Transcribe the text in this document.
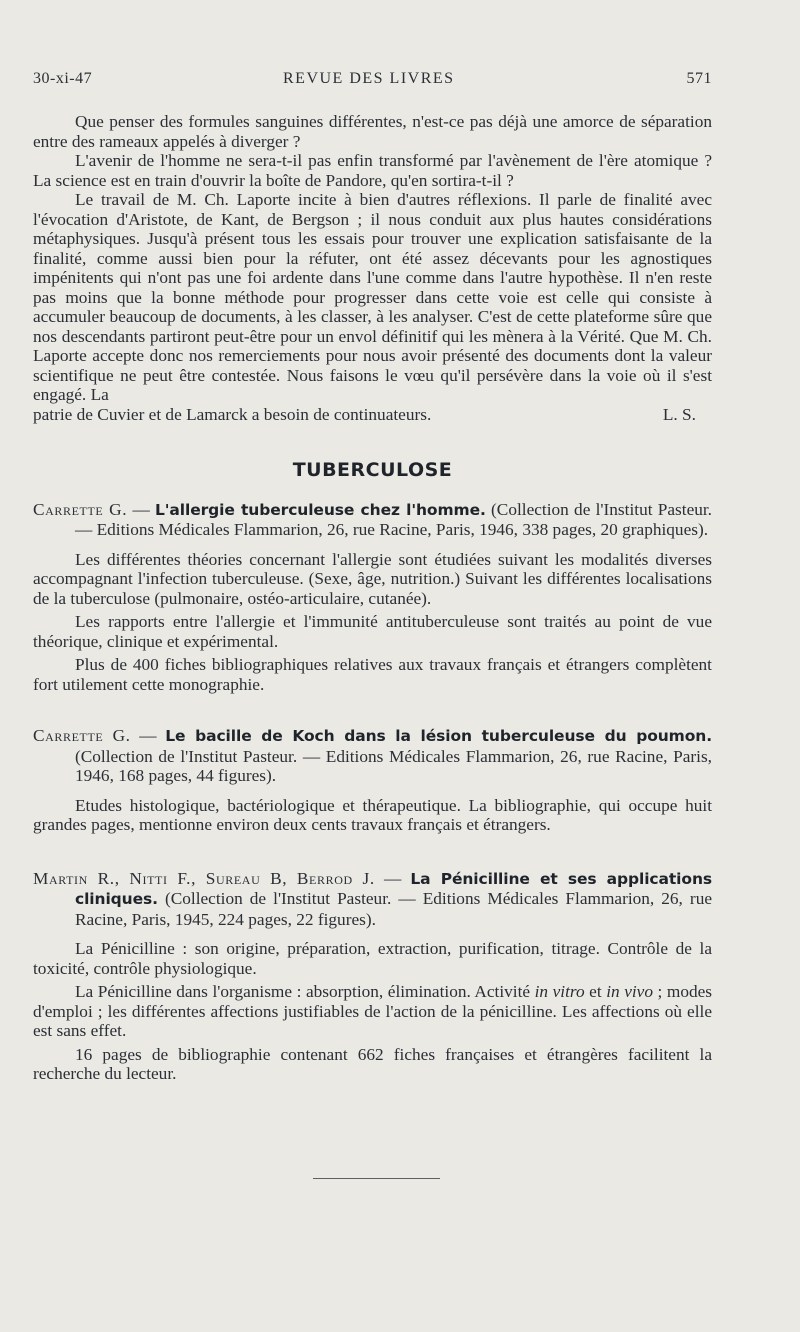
30-xi-47	REVUE DES LIVRES	571

Que penser des formules sanguines différentes, n'est-ce pas déjà une amorce de séparation entre des rameaux appelés à diverger ?

L'avenir de l'homme ne sera-t-il pas enfin transformé par l'avènement de l'ère atomique ? La science est en train d'ouvrir la boîte de Pandore, qu'en sortira-t-il ?

Le travail de M. Ch. Laporte incite à bien d'autres réflexions. Il parle de finalité avec l'évocation d'Aristote, de Kant, de Bergson ; il nous conduit aux plus hautes considérations métaphysiques. Jusqu'à présent tous les essais pour trouver une explication satisfaisante de la finalité, comme aussi bien pour la réfuter, ont été assez décevants pour les agnostiques impénitents qui n'ont pas une foi ardente dans l'une comme dans l'autre hypothèse. Il n'en reste pas moins que la bonne méthode pour progresser dans cette voie est celle qui consiste à accumuler beaucoup de documents, à les classer, à les analyser. C'est de cette plateforme sûre que nos descendants partiront peut-être pour un envol définitif qui les mènera à la Vérité. Que M. Ch. Laporte accepte donc nos remerciements pour nous avoir présenté des documents dont la valeur scientifique ne peut être contestée. Nous faisons le vœu qu'il persévère dans la voie où il s'est engagé. La

patrie de Cuvier et de Lamarck a besoin de continuateurs.	L. S.
TUBERCULOSE

Carrette G. — L'allergie tuberculeuse chez l'homme. (Collection de l'Institut Pasteur. — Editions Médicales Flammarion, 26, rue Racine, Paris, 1946, 338 pages, 20 graphiques).

Les différentes théories concernant l'allergie sont étudiées suivant les modalités diverses accompagnant l'infection tuberculeuse. (Sexe, âge, nutrition.) Suivant les différentes localisations de la tuberculose (pulmonaire, ostéo-articulaire, cutanée).

Les rapports entre l'allergie et l'immunité antituberculeuse sont traités au point de vue théorique, clinique et expérimental.

Plus de 400 fiches bibliographiques relatives aux travaux français et étrangers complètent fort utilement cette monographie.

Carrette G. — Le bacille de Koch dans la lésion tuberculeuse du poumon. (Collection de l'Institut Pasteur. — Editions Médicales Flammarion, 26, rue Racine, Paris, 1946, 168 pages, 44 figures).

Etudes histologique, bactériologique et thérapeutique. La bibliographie, qui occupe huit grandes pages, mentionne environ deux cents travaux français et étrangers.

Martin R., Nitti F., Sureau B, Berrod J. — La Pénicilline et ses applications cliniques. (Collection de l'Institut Pasteur. — Editions Médicales Flammarion, 26, rue Racine, Paris, 1945, 224 pages, 22 figures).

La Pénicilline : son origine, préparation, extraction, purification, titrage. Contrôle de la toxicité, contrôle physiologique.

La Pénicilline dans l'organisme : absorption, élimination. Activité in vitro et in vivo ; modes d'emploi ; les différentes affections justifiables de l'action de la pénicilline. Les affections où elle est sans effet.

16 pages de bibliographie contenant 662 fiches françaises et étrangères facilitent la recherche du lecteur.
